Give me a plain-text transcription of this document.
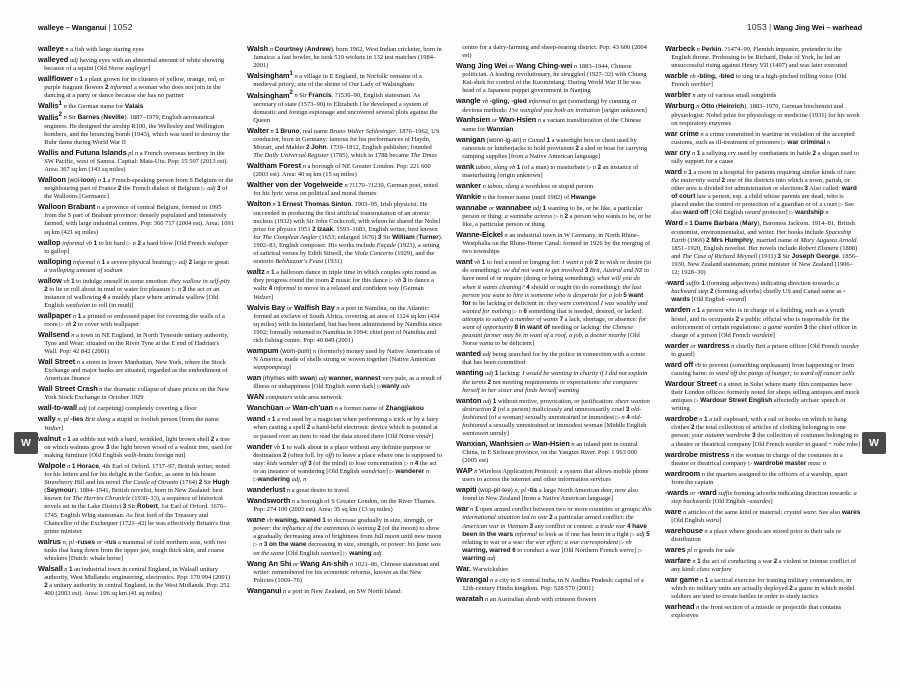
walleye – Wanganui | 1052	1053 | Wang Jing Wei – warhead
W	W
walleye n a fish with large staring eyes
walleyed adj having eyes with an abnormal amount of white showing because of a squint [Old Norse vagleygr]
wallflower n 1 a plant grown for its clusters of yellow, orange, red, or purple fragrant flowers 2 informal a woman who does not join in the dancing at a party or dance because she has no partner
Wallis1 n the German name for Valais
Wallis2 n Sir Barnes (Neville). 1887–1979, English aeronautical engineer. He designed the airship R100, the Wellesley and Wellington bombers, and the bouncing bomb (1943), which was used to destroy the Ruhr dams during World War II
Wallis and Futuna Islands pl n a French overseas territory in the SW Pacific, west of Samoa. Capital: Mata-Utu. Pop: 15 507 (2013 est). Area: 367 sq km (143 sq miles)
Walloon (wol-loon) n 1 a French-speaking person from S Belgium or the neighbouring part of France 2 the French dialect of Belgium ▷ adj 3 of the Walloons [Germanic]
Walloon Brabant n a province of central Belgium, formed in 1995 from the S part of Brabant province: densely populated and intensively farmed, with large industrial centres. Pop: 360 717 (2004 est). Area: 1091 sq km (421 sq miles)
wallop informal vb 1 to hit hard ▷ n 2 a hard blow [Old French waloper to gallop]
walloping informal n 1 a severe physical beating ▷ adj 2 large or great: a walloping amount of sodium
wallow vb 1 to indulge oneself in some emotion: they wallow in self-pity 2 to lie or roll about in mud or water for pleasure ▷ n 3 the act or an instance of wallowing 4 a muddy place where animals wallow [Old English wealwian to roll (in mud)]
wallpaper n 1 a printed or embossed paper for covering the walls of a room ▷ vb 2 to cover with wallpaper
Wallsend n a town in NE England, in North Tyneside unitary authority, Tyne and Wear: situated on the River Tyne at the E end of Hadrian's Wall. Pop: 42 842 (2001)
Wall Street n a street in lower Manhattan, New York, where the Stock Exchange and major banks are situated, regarded as the embodiment of American finance
Wall Street Crash n the dramatic collapse of share prices on the New York Stock Exchange in October 1929
wall-to-wall adj (of carpeting) completely covering a floor
wally n, pl -lies Brit slang a stupid or foolish person [from the name Walter]
walnut n 1 an edible nut with a hard, wrinkled, light brown shell 2 a tree on which walnuts grow 3 the light brown wood of a walnut tree, used for making furniture [Old English walh-hnutu foreign nut]
Walpole n 1 Horace, 4th Earl of Orford. 1717–97, British writer, noted for his letters and for his delight in the Gothic, as seen in his house Strawberry Hill and his novel The Castle of Otranto (1764) 2 Sir Hugh (Seymour). 1884–1941, British novelist, born in New Zealand: best known for The Herries Chronicle (1930–33), a sequence of historical novels set in the Lake District 3 Sir Robert, 1st Earl of Orford. 1676–1745, English Whig statesman. As first lord of the Treasury and Chancellor of the Exchequer (1721–42) he was effectively Britain's first prime minister
walrus n, pl -ruses or -rus a mammal of cold northern seas, with two tusks that hang down from the upper jaw, tough thick skin, and coarse whiskers [Dutch: whale horse]
Walsall n 1 an industrial town in central England, in Walsall unitary authority, West Midlands: engineering, electronics. Pop: 170 994 (2001) 2 a unitary authority in central England, in the West Midlands. Pop: 252 400 (2003 est). Area: 106 sq km (41 sq miles)
Walsh n Courtney (Andrew). born 1962, West Indian cricketer, born in Jamaica: a fast bowler, he took 519 wickets in 132 test matches (1984–2001)
Walsingham1 n a village in E England, in Norfolk: remains of a medieval priory; site of the shrine of Our Lady of Walsingham
Walsingham2 n Sir Francis. ?1530–90, English statesman. As secretary of state (1573–90) to Elizabeth I he developed a system of domestic and foreign espionage and uncovered several plots against the Queen
Walter n 1 Bruno, real name Bruno Walter Schlesinger. 1876–1962, US conductor, born in Germany: famous for his performances of Haydn, Mozart, and Mahler 2 John. 1739–1812, English publisher; founded The Daily Universal Register (1785), which in 1788 became The Times
Waltham Forest n a borough of NE Greater London. Pop: 221 600 (2003 est). Area: 40 sq km (15 sq miles)
Walther von der Vogelweide n ?1170–?1230, German poet, noted for his lyric verse on political and moral themes
Walton n 1 Ernest Thomas Sinton. 1903–95, Irish physicist. He succeeded in producing the first artificial transmutation of an atomic nucleus (1932) with Sir John Cockcroft, with whom he shared the Nobel prize for physics 1951 2 Izaak. 1593–1683, English writer, best known for The Compleat Angler (1653; enlarged 1676) 3 Sir William (Turner). 1902–83, English composer. His works include Façade (1923), a setting of satirical verses by Edith Sitwell, the Viola Concerto (1929), and the oratorio Belshazzar's Feast (1931)
waltz n 1 a ballroom dance in triple time in which couples spin round as they progress round the room 2 music for this dance ▷ vb 3 to dance a waltz 4 informal to move in a relaxed and confident way [German Walzer]
Walvis Bay or Walfish Bay n a port in Namibia, on the Atlantic: formed an exclave of South Africa, covering an area of 1124 sq km (434 sq miles) with its hinterland, but has been administered by Namibia since 1992; formally returned to Namibia in 1994; chief port of Namibia and rich fishing centre. Pop: 40 849 (2001)
wampum (wom-pum) n (formerly) money used by Native Americans of N America, made of shells strung or woven together [Native American wampompeag]
wan (rhymes with swan) adj wanner, wannest very pale, as a result of illness or unhappiness [Old English wann dark] ▷wanly adv
WAN computers wide area network
Wanchüan or Wan-ch'uan n a former name of Zhangjiakou
wand n 1 a rod used by a magician when performing a trick or by a fairy when casting a spell 2 a hand-held electronic device which is pointed at or passed over an item to read the data stored there [Old Norse vöndr]
wander vb 1 to walk about in a place without any definite purpose or destination 2 (often foll. by off) to leave a place where one is supposed to stay: kids wander off 3 (of the mind) to lose concentration ▷ n 4 the act or an instance of wandering [Old English wandrian] ▷ wanderer n ▷wandering adj, n
wanderlust n a great desire to travel
Wandsworth n a borough of S Greater London, on the River Thames. Pop: 274 100 (2003 est). Area: 35 sq km (13 sq miles)
wane vb waning, waned 1 to decrease gradually in size, strength, or power: the influence of the extremists is waning 2 (of the moon) to show a gradually decreasing area of brightness from full moon until new moon ▷ n 3 on the wane decreasing in size, strength, or power: his fame was on the wane [Old English wanian] ▷ waning adj
Wang An Shi or Wang An-shih n 1021–86, Chinese statesman and writer: remembered for his economic reforms, known as the New Policies (1069–76)
Wanganui n a port in New Zealand, on SW North Island:
centre for a dairy-farming and sheep-rearing district. Pop: 43 600 (2004 est)
Wang Jing Wei or Wang Ching-wei n 1883–1944, Chinese politician. A leading revolutionary, he struggled (1927–32) with Chiang Kai-shek for control of the Kuomintang. During World War II he was head of a Japanese puppet government in Nanjing
wangle vb -gling, -gled informal to get (something) by cunning or devious methods: I've wangled you both an invitation [origin unknown]
Wanhsien or Wan-Hsien n a variant transliteration of the Chinese name for Wanxian
wanigan (wonn-ig-an) n Canad 1 a watertight box or chest used by canoeists or lumberjacks to hold provisions 2 a sled or boat for carrying camping supplies [from a Native American language]
wank taboo, slang vb 1 (of a man) to masturbate ▷ n 2 an instance of masturbating [origin unknown]
wanker n taboo, slang a worthless or stupid person
Wankie n the former name (until 1982) of Hwange
wannabe or wannabee adj 1 wanting to be, or be like, a particular person or thing: a wannabe actress ▷ n 2 a person who wants to be, or be like, a particular person or thing
Wanne-Eickel n an industrial town in W Germany, in North Rhine-Westphalia on the Rhine-Herne Canal: formed in 1926 by the merging of two townships
want vb 1 to feel a need or longing for: I want a job 2 to wish or desire (to do something): we did not want to get involved 3 Brit, Austral and NZ to have need of or require (doing or being something): what will you do when it wants cleaning? 4 should or ought (to do something): the last person you want to hire is someone who is desperate for a job 5 want for to be lacking or deficient in: they were convinced I was wealthy and wanted for nothing ▷ n 6 something that is needed, desired, or lacked: attempts to satisfy a number of wants 7 a lack, shortage, or absence: for want of opportunity 8 in want of needing or lacking: the Chinese peasant farmer may be in want of a roof, a job, a doctor nearby [Old Norse vanta to be deficient]
wanted adj being searched for by the police in connection with a crime that has been committed
wanting adj 1 lacking: I would be wanting in charity if I did not explain the terms 2 not meeting requirements or expectations: she compares herself to her sister and finds herself wanting
wanton adj 1 without motive, provocation, or justification: sheer wanton destruction 2 (of a person) maliciously and unnecessarily cruel 3 old-fashioned (of a woman) sexually unrestrained or immodest ▷ n 4 old-fashioned a sexually unrestrained or immodest woman [Middle English wantowen unruly]
Wanxian, Wanhsien or Wan-Hsien n an inland port in central China, in E Sichuan province, on the Yangtze River. Pop: 1 963 000 (2005 est)
WAP n Wireless Application Protocol: a system that allows mobile phone users to access the internet and other information services
wapiti (wop-pit-tee) n, pl -tis a large North American deer, now also found in New Zealand [from a Native American language]
war n 1 open armed conflict between two or more countries or groups: this international situation led to war 2 a particular armed conflict: the American war in Vietnam 3 any conflict or contest: a trade war 4 have been in the wars informal to look as if one has been in a fight ▷ adj 5 relating to war or a war: the war effort; a war correspondent ▷ vb warring, warred 6 to conduct a war [Old Northern French werre] ▷ warring adj
War. Warwickshire
Warangal n a city in S central India, in N Andhra Pradesh: capital of a 12th-century Hindu kingdom. Pop: 528 570 (2001)
waratah n an Australian shrub with crimson flowers
Warbeck n Perkin. ?1474–99, Flemish impostor, pretender to the English throne. Professing to be Richard, Duke of York, he led an unsuccessful rising against Henry VII (1497) and was later executed
warble vb -bling, -bled to sing in a high-pitched trilling voice [Old French werbler]
warbler n any of various small songbirds
Warburg n Otto (Heinrich). 1883–1970, German biochemist and physiologist: Nobel prize for physiology or medicine (1931) for his work on respiratory enzymes
war crime n a crime committed in wartime in violation of the accepted customs, such as ill-treatment of prisoners ▷ war criminal n
war cry n 1 a rallying cry used by combatants in battle 2 a slogan used to rally support for a cause
ward n 1 a room in a hospital for patients requiring similar kinds of care: the maternity ward 2 one of the districts into which a town, parish, or other area is divided for administration or elections 3 Also called: ward of court law a person, esp. a child whose parents are dead, who is placed under the control or protection of a guardian or of a court ▷ See also ward off [Old English weard protector] ▷ wardship n
Ward n 1 Dame Barbara (Mary), Baroness Jackson. 1914–81, British economist, environmentalist, and writer. Her books include Spaceship Earth (1966) 2 Mrs Humphry, married name of Mary Augusta Arnold. 1851–1920, English novelist. Her novels include Robert Elsmere (1888) and The Case of Richard Meynell (1911) 3 Sir Joseph George. 1856–1930, New Zealand statesman; prime minister of New Zealand (1906–12; 1928–30)
-ward suffix 1 (forming adjectives) indicating direction towards: a backward step 2 (forming adverbs) chiefly US and Canad same as -wards [Old English -weard]
warden n 1 a person who is in charge of a building, such as a youth hostel, and its occupants 2 a public official who is responsible for the enforcement of certain regulations: a game warden 3 the chief officer in charge of a prison [Old French wardein]
warder or wardress n chiefly Brit a prison officer [Old French warder to guard]
ward off vb to prevent (something unpleasant) from happening or from causing harm: to ward off the pangs of hunger; to ward off cancer cells
Wardour Street n a street in Soho where many film companies have their London offices: formerly noted for shops selling antiques and mock antiques ▷ Wardour Street English affectedly archaic speech or writing
wardrobe n 1 a tall cupboard, with a rail or hooks on which to hang clothes 2 the total collection of articles of clothing belonging to one person: your autumn wardrobe 3 the collection of costumes belonging to a theatre or theatrical company [Old French warder to guard + robe robe]
wardrobe mistress n the woman in charge of the costumes in a theatre or theatrical company ▷ wardrobe master masc n
wardroom n the quarters assigned to the officers of a warship, apart from the captain
-wards or -ward suffix forming adverbs indicating direction towards: a step backwards [Old English -weardes]
ware n articles of the same kind or material: crystal ware. See also wares [Old English waru]
warehouse n a place where goods are stored prior to their sale or distribution
wares pl n goods for sale
warfare n 1 the act of conducting a war 2 a violent or intense conflict of any kind: class warfare
war game n 1 a tactical exercise for training military commanders, in which no military units are actually deployed 2 a game in which model soldiers are used to create battles in order to study tactics
warhead n the front section of a missile or projectile that contains explosives
